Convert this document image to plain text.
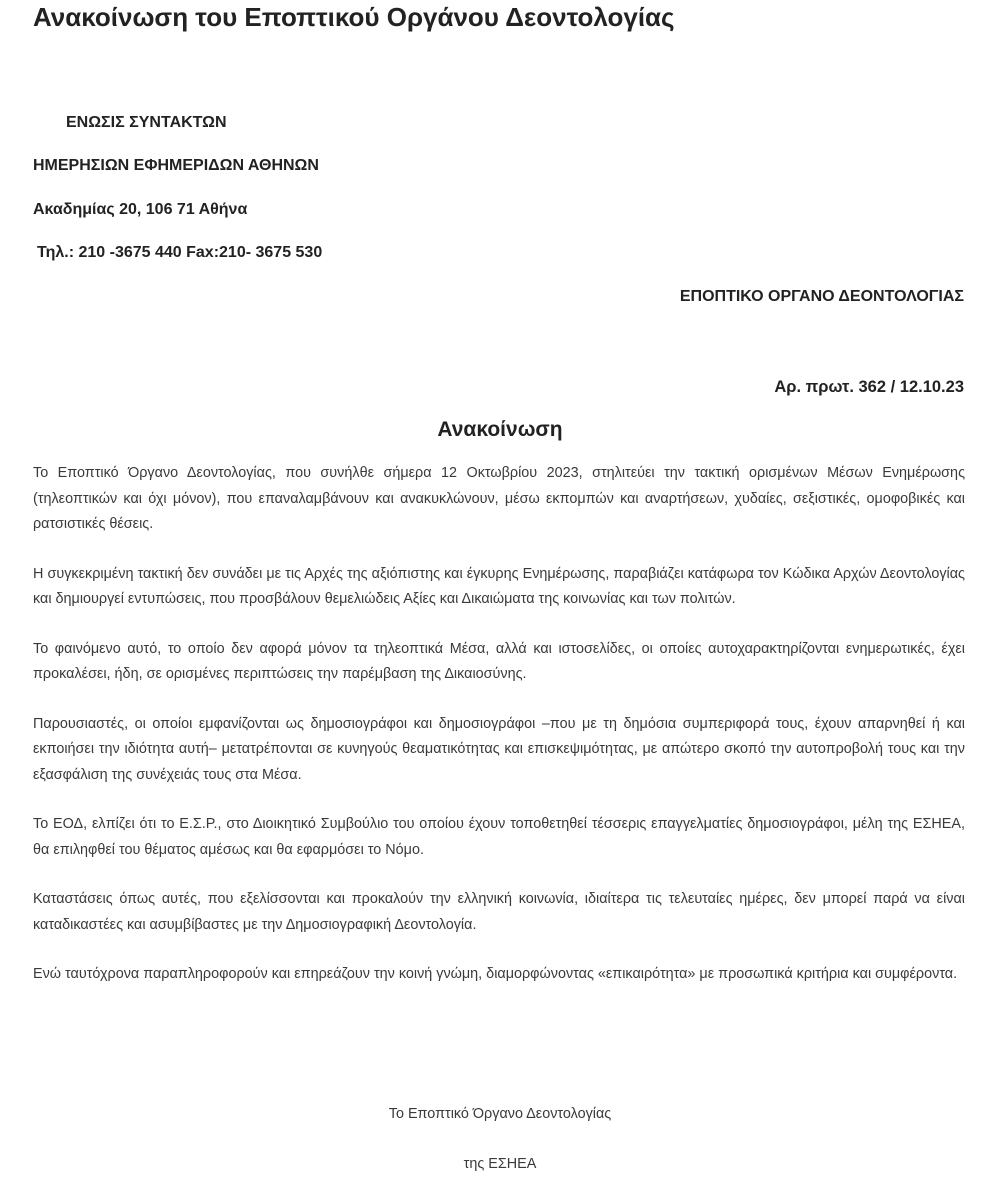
Ανακοίνωση του Εποπτικού Οργάνου Δεοντολογίας

ΕΝΩΣΙΣ ΣΥΝΤΑΚΤΩΝ

ΗΜΕΡΗΣΙΩΝ ΕΦΗΜΕΡΙΔΩΝ ΑΘΗΝΩΝ

Ακαδημίας 20, 106 71 Αθήνα

Τηλ.: 210 -3675 440 Fax:210- 3675 530

ΕΠΟΠΤΙΚΟ ΟΡΓΑΝΟ ΔΕΟΝΤΟΛΟΓΙΑΣ

Αρ. πρωτ. 362 / 12.10.23

Ανακοίνωση

Το Εποπτικό Όργανο Δεοντολογίας, που συνήλθε σήμερα 12 Οκτωβρίου 2023, στηλιτεύει την τακτική ορισμένων Μέσων Ενημέρωσης (τηλεοπτικών και όχι μόνον), που επαναλαμβάνουν και ανακυκλώνουν, μέσω εκπομπών και αναρτήσεων, χυδαίες, σεξιστικές, ομοφοβικές και ρατσιστικές θέσεις.

Η συγκεκριμένη τακτική δεν συνάδει με τις Αρχές της αξιόπιστης και έγκυρης Ενημέρωσης, παραβιάζει κατάφωρα τον Κώδικα Αρχών Δεοντολογίας και δημιουργεί εντυπώσεις, που προσβάλουν θεμελιώδεις Αξίες και Δικαιώματα της κοινωνίας και των πολιτών.

Το φαινόμενο αυτό, το οποίο δεν αφορά μόνον τα τηλεοπτικά Μέσα, αλλά και ιστοσελίδες, οι οποίες αυτοχαρακτηρίζονται ενημερωτικές, έχει προκαλέσει, ήδη, σε ορισμένες περιπτώσεις την παρέμβαση της Δικαιοσύνης.

Παρουσιαστές, οι οποίοι εμφανίζονται ως δημοσιογράφοι και δημοσιογράφοι –που με τη δημόσια συμπεριφορά τους, έχουν απαρνηθεί ή και εκποιήσει την ιδιότητα αυτή– μετατρέπονται σε κυνηγούς θεαματικότητας και επισκεψιμότητας, με απώτερο σκοπό την αυτοπροβολή τους και την εξασφάλιση της συνέχειάς τους στα Μέσα.

Το ΕΟΔ, ελπίζει ότι το Ε.Σ.Ρ., στο Διοικητικό Συμβούλιο του οποίου έχουν τοποθετηθεί τέσσερις επαγγελματίες δημοσιογράφοι, μέλη της ΕΣΗΕΑ, θα επιληφθεί του θέματος αμέσως και θα εφαρμόσει το Νόμο.

Καταστάσεις όπως αυτές, που εξελίσσονται και προκαλούν την ελληνική κοινωνία, ιδιαίτερα τις τελευταίες ημέρες, δεν μπορεί παρά να είναι καταδικαστέες και ασυμβίβαστες με την Δημοσιογραφική Δεοντολογία.

Ενώ ταυτόχρονα παραπληροφορούν και επηρεάζουν την κοινή γνώμη, διαμορφώνοντας «επικαιρότητα» με προσωπικά κριτήρια και συμφέροντα.

Το Εποπτικό Όργανο Δεοντολογίας

της ΕΣΗΕΑ
